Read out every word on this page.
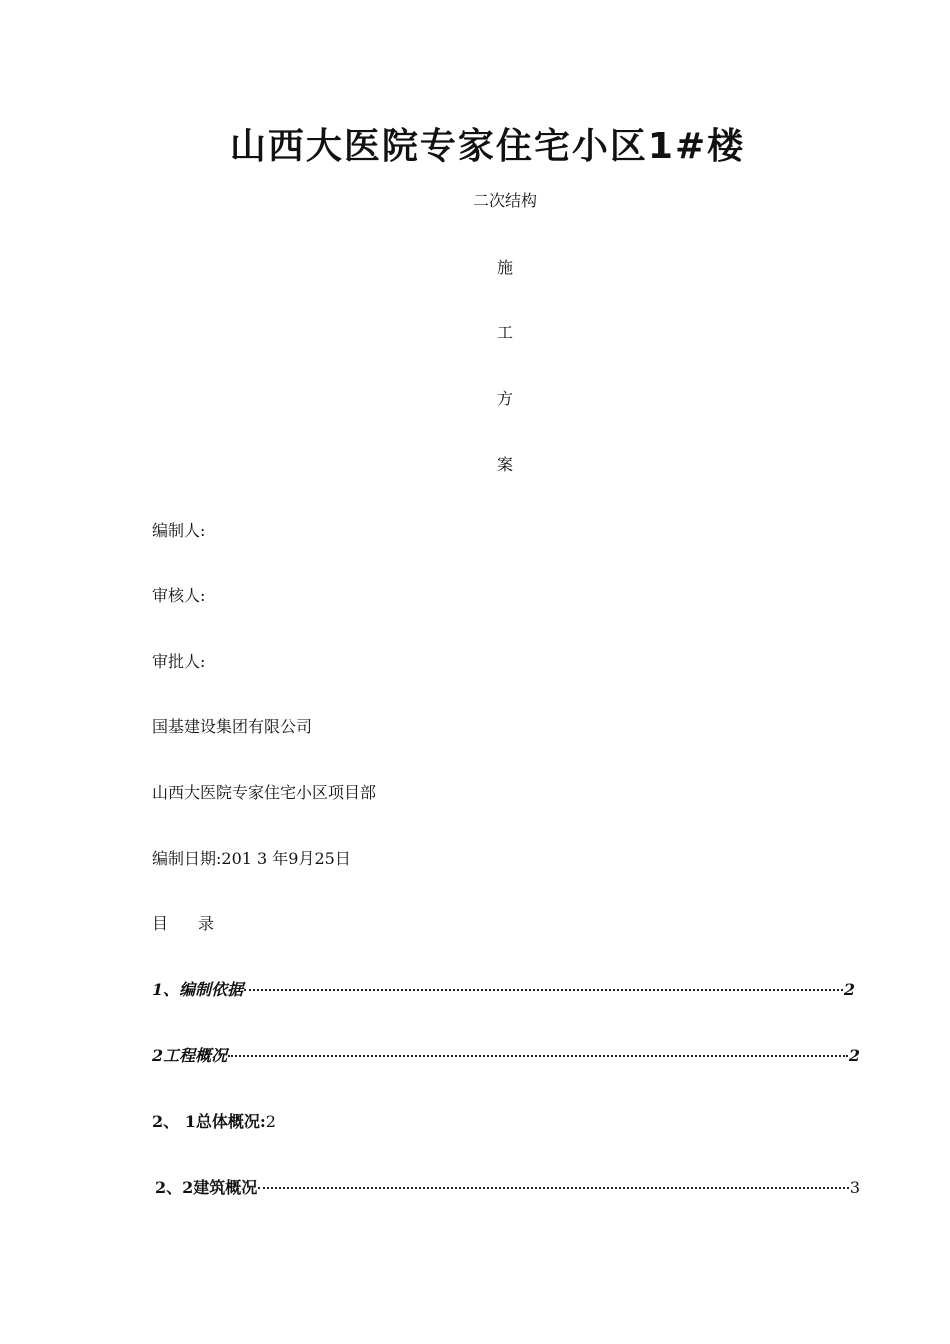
山西大医院专家住宅小区1#楼
二次结构
施
工
方
案
编制人:
审核人:
审批人:
国基建设集团有限公司
山西大医院专家住宅小区项目部
编制日期:201 3 年9月25日
目 录
1、编制依据	2
2工程概况	2
2、 1总体概况: 2
2、2建筑概况	3
